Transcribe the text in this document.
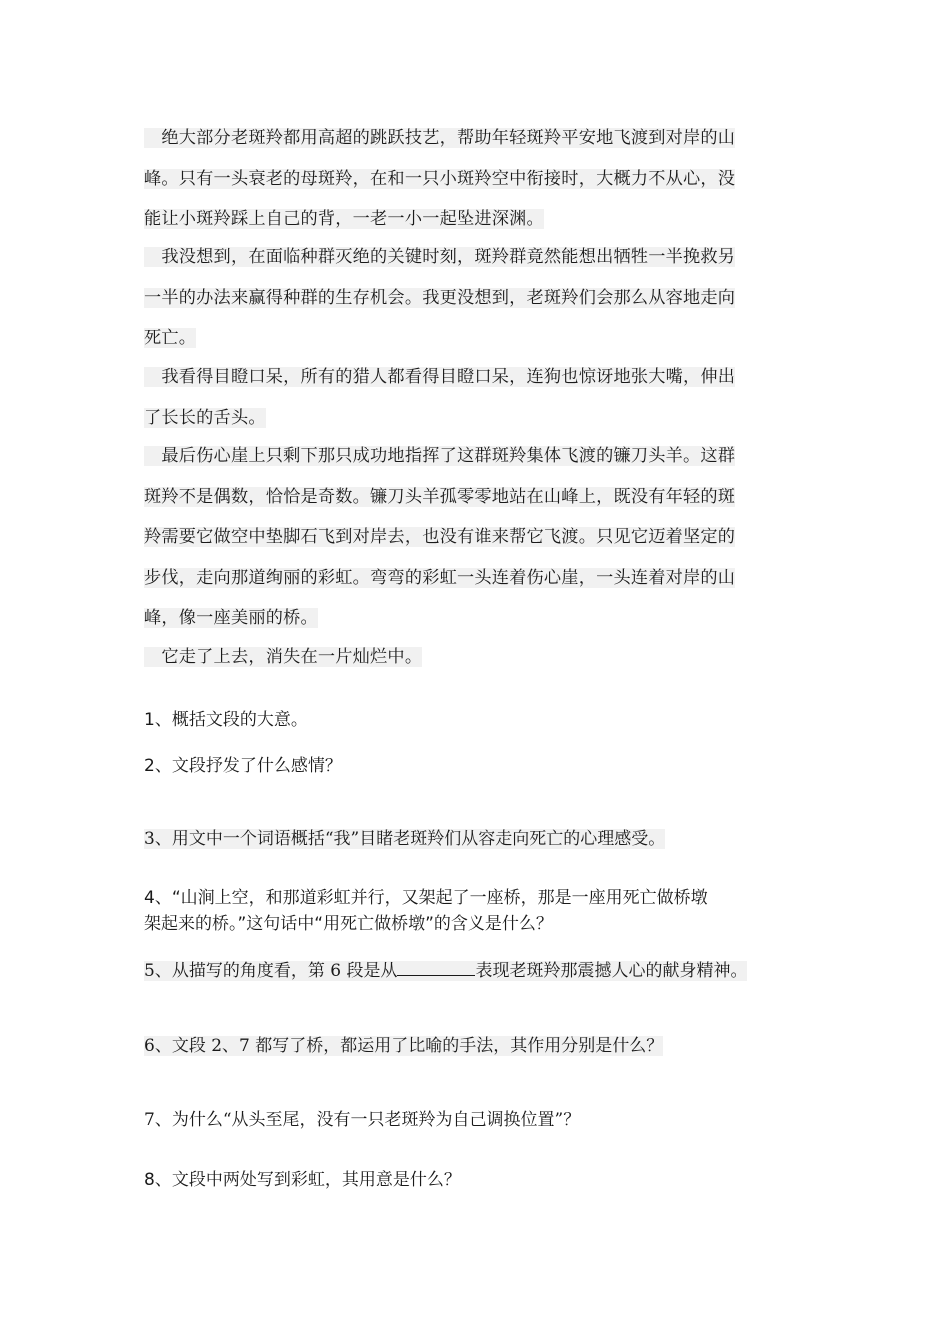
　绝大部分老斑羚都用高超的跳跃技艺，帮助年轻斑羚平安地飞渡到对岸的山
峰。只有一头衰老的母斑羚，在和一只小斑羚空中衔接时，大概力不从心，没
能让小斑羚踩上自己的背，一老一小一起坠进深渊。
　我没想到，在面临种群灭绝的关键时刻，斑羚群竟然能想出牺牲一半挽救另
一半的办法来赢得种群的生存机会。我更没想到，老斑羚们会那么从容地走向
死亡。
　我看得目瞪口呆，所有的猎人都看得目瞪口呆，连狗也惊讶地张大嘴，伸出
了长长的舌头。
　最后伤心崖上只剩下那只成功地指挥了这群斑羚集体飞渡的镰刀头羊。这群
斑羚不是偶数，恰恰是奇数。镰刀头羊孤零零地站在山峰上，既没有年轻的斑
羚需要它做空中垫脚石飞到对岸去，也没有谁来帮它飞渡。只见它迈着坚定的
步伐，走向那道绚丽的彩虹。弯弯的彩虹一头连着伤心崖，一头连着对岸的山
峰，像一座美丽的桥。
　它走了上去，消失在一片灿烂中。
1、概括文段的大意。
2、文段抒发了什么感情？
3、用文中一个词语概括“我”目睹老斑羚们从容走向死亡的心理感受。
4、“山涧上空，和那道彩虹并行，又架起了一座桥，那是一座用死亡做桥墩
架起来的桥。”这句话中“用死亡做桥墩”的含义是什么？
5、从描写的角度看，第 6 段是从	表现老斑羚那震撼人心的献身精神。
6、文段 2、7 都写了桥，都运用了比喻的手法，其作用分别是什么？
7、为什么“从头至尾，没有一只老斑羚为自己调换位置”？
8、文段中两处写到彩虹，其用意是什么？
